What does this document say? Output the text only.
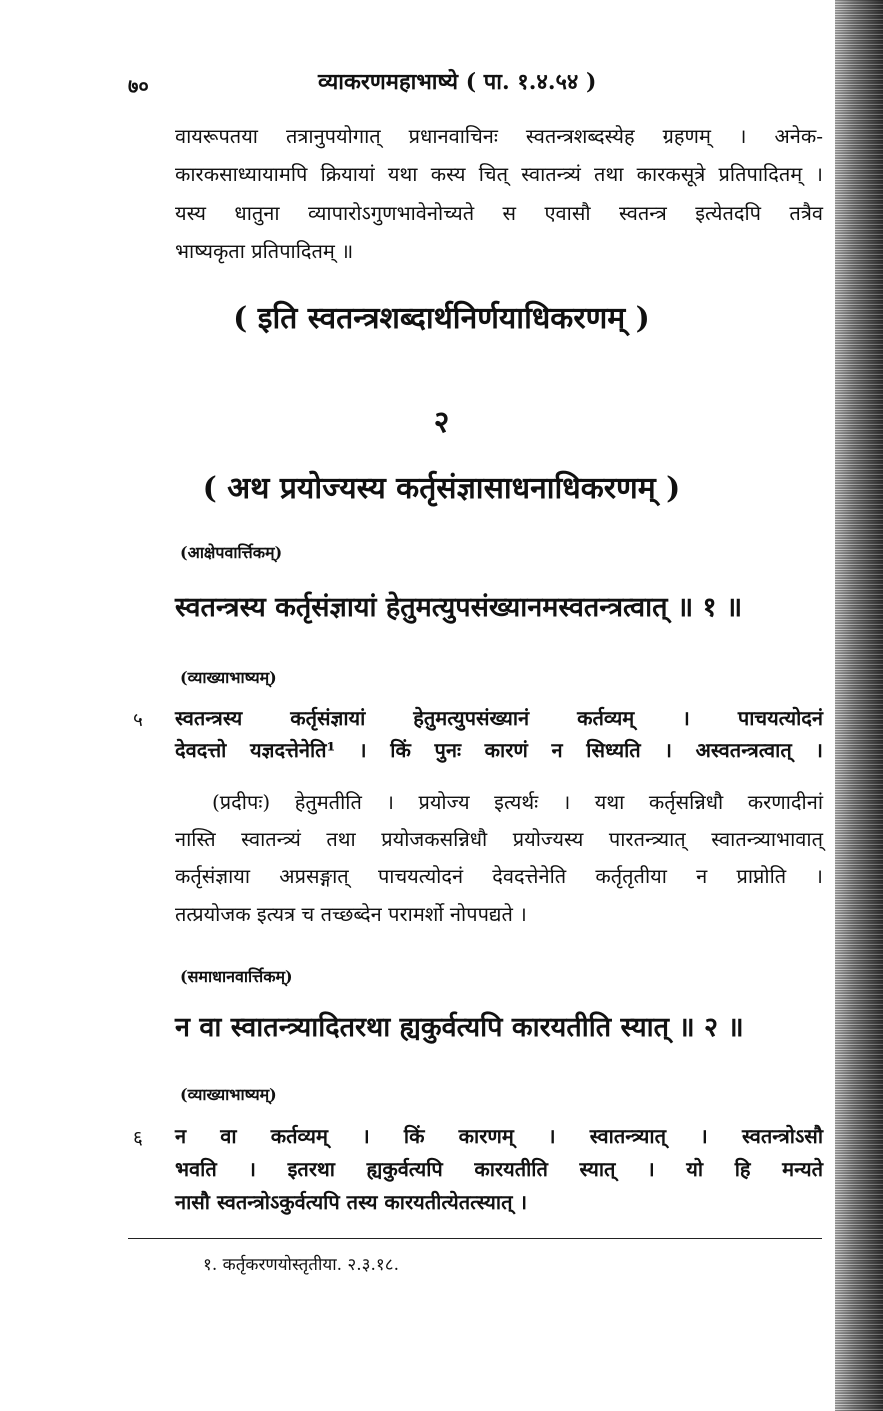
७०	व्याकरणमहाभाष्ये ( पा. १.४.५४ )
वायरूपतया तत्रानुपयोगात् प्रधानवाचिनः स्वतन्त्रशब्दस्येह ग्रहणम् । अनेक-
कारकसाध्यायामपि क्रियायां यथा कस्य चित् स्वातन्त्र्यं तथा कारकसूत्रे प्रतिपादितम् ।
यस्य धातुना व्यापारोऽगुणभावेनोच्यते स एवासौ स्वतन्त्र इत्येतदपि तत्रैव
भाष्यकृता प्रतिपादितम् ॥
( इति स्वतन्त्रशब्दार्थनिर्णयाधिकरणम् )
२
( अथ प्रयोज्यस्य कर्तृसंज्ञासाधनाधिकरणम् )
(आक्षेपवार्त्तिकम्)
स्वतन्त्रस्य कर्तृसंज्ञायां हेतुमत्युपसंख्यानमस्वतन्त्रत्वात् ॥ १ ॥
(व्याख्याभाष्यम्)
५ स्वतन्त्रस्य कर्तृसंज्ञायां हेतुमत्युपसंख्यानं कर्तव्यम् । पाचयत्योदनं
देवदत्तो यज्ञदत्तेनेति¹ । किं पुनः कारणं न सिध्यति । अस्वतन्त्रत्वात् ।
(प्रदीपः) हेतुमतीति । प्रयोज्य इत्यर्थः । यथा कर्तृसन्निधौ करणादीनां
नास्ति स्वातन्त्र्यं तथा प्रयोजकसन्निधौ प्रयोज्यस्य पारतन्त्र्यात् स्वातन्त्र्याभावात्
कर्तृसंज्ञाया अप्रसङ्गात् पाचयत्योदनं देवदत्तेनेति कर्तृतृतीया न प्राप्नोति ।
तत्प्रयोजक इत्यत्र च तच्छब्देन परामर्शो नोपपद्यते ।
(समाधानवार्त्तिकम्)
न वा स्वातन्त्र्यादितरथा ह्यकुर्वत्यपि कारयतीति स्यात् ॥ २ ॥
(व्याख्याभाष्यम्)
६ न वा कर्तव्यम् । किं कारणम् । स्वातन्त्र्यात् । स्वतन्त्रोऽसौ
भवति । इतरथा ह्यकुर्वत्यपि कारयतीति स्यात् । यो हि मन्यते
नासौ स्वतन्त्रोऽकुर्वत्यपि तस्य कारयतीत्येतत्स्यात् ।
१. कर्तृकरणयोस्तृतीया. २.३.१८.
